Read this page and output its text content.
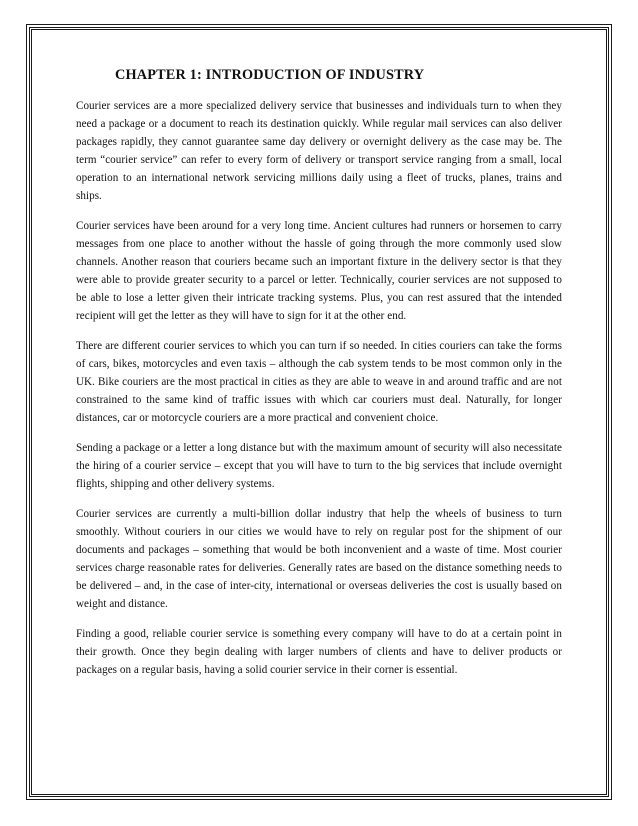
CHAPTER 1: INTRODUCTION OF INDUSTRY

Courier services are a more specialized delivery service that businesses and individuals turn to when they need a package or a document to reach its destination quickly. While regular mail services can also deliver packages rapidly, they cannot guarantee same day delivery or overnight delivery as the case may be. The term “courier service” can refer to every form of delivery or transport service ranging from a small, local operation to an international network servicing millions daily using a fleet of trucks, planes, trains and ships.

Courier services have been around for a very long time. Ancient cultures had runners or horsemen to carry messages from one place to another without the hassle of going through the more commonly used slow channels. Another reason that couriers became such an important fixture in the delivery sector is that they were able to provide greater security to a parcel or letter. Technically, courier services are not supposed to be able to lose a letter given their intricate tracking systems. Plus, you can rest assured that the intended recipient will get the letter as they will have to sign for it at the other end.

There are different courier services to which you can turn if so needed. In cities couriers can take the forms of cars, bikes, motorcycles and even taxis – although the cab system tends to be most common only in the UK. Bike couriers are the most practical in cities as they are able to weave in and around traffic and are not constrained to the same kind of traffic issues with which car couriers must deal. Naturally, for longer distances, car or motorcycle couriers are a more practical and convenient choice.

Sending a package or a letter a long distance but with the maximum amount of security will also necessitate the hiring of a courier service – except that you will have to turn to the big services that include overnight flights, shipping and other delivery systems.

Courier services are currently a multi-billion dollar industry that help the wheels of business to turn smoothly. Without couriers in our cities we would have to rely on regular post for the shipment of our documents and packages – something that would be both inconvenient and a waste of time. Most courier services charge reasonable rates for deliveries. Generally rates are based on the distance something needs to be delivered – and, in the case of inter-city, international or overseas deliveries the cost is usually based on weight and distance.

Finding a good, reliable courier service is something every company will have to do at a certain point in their growth. Once they begin dealing with larger numbers of clients and have to deliver products or packages on a regular basis, having a solid courier service in their corner is essential.
